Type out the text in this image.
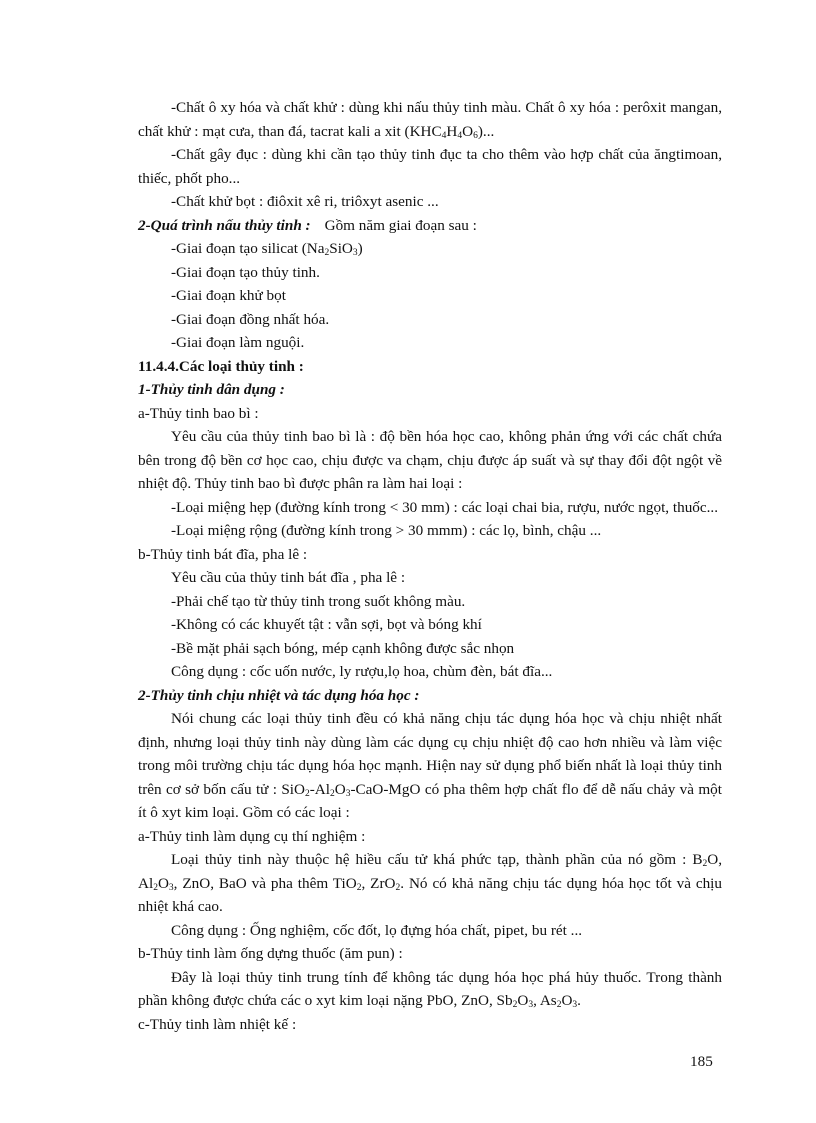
-Chất ô xy hóa và chất khử : dùng khi nấu thủy tinh màu. Chất ô xy hóa : perôxit mangan, chất khử : mạt cưa, than đá, tacrat kali a xit $(KHC_4H_4O_6)$...

-Chất gây đục : dùng khi cần tạo thủy tinh đục ta cho thêm vào hợp chất của ăngtimoan, thiếc, phốt pho...

-Chất khử bọt : điôxit xê ri, triôxyt asenic ...

2-Quá trình nấu thủy tinh : Gồm năm giai đoạn sau :

-Giai đoạn tạo silicat $(Na_2SiO_3)$

-Giai đoạn tạo thủy tinh.

-Giai đoạn khử bọt

-Giai đoạn đồng nhất hóa.

-Giai đoạn làm nguội.

11.4.4.Các loại thủy tinh :

1-Thủy tinh dân dụng :

a-Thủy tinh bao bì :

Yêu cầu của thủy tinh bao bì là : độ bền hóa học cao, không phản ứng với các chất chứa bên trong độ bền cơ học cao, chịu được va chạm, chịu được áp suất và sự thay đổi đột ngột về nhiệt độ. Thủy tinh bao bì được phân ra làm hai loại :

-Loại miệng hẹp (đường kính trong < 30 mm) : các loại chai bia, rượu, nước ngọt, thuốc...

-Loại miệng rộng (đường kính trong > 30 mmm) : các lọ, bình, chậu ...

b-Thủy tinh bát đĩa, pha lê :

Yêu cầu của thủy tinh bát đĩa , pha lê :

-Phải chế tạo từ thủy tinh trong suốt không màu.

-Không có các khuyết tật : vẫn sợi, bọt và bóng khí

-Bề mặt phải sạch bóng, mép cạnh không được sắc nhọn

Công dụng : cốc uốn nước, ly rượu,lọ hoa, chùm đèn, bát đĩa...

2-Thủy tinh chịu nhiệt và tác dụng hóa học :

Nói chung các loại thủy tinh đều có khả năng chịu tác dụng hóa học và chịu nhiệt nhất định, nhưng loại thủy tinh này dùng làm các dụng cụ chịu nhiệt độ cao hơn nhiều và làm việc trong môi trường chịu tác dụng hóa học mạnh. Hiện nay sử dụng phổ biến nhất là loại thủy tinh trên cơ sở bốn cấu tử : $SiO_2-Al_2O_3-CaO$-MgO có pha thêm hợp chất flo để dễ nấu chảy và một ít ô xyt kim loại. Gồm có các loại :

a-Thủy tinh làm dụng cụ thí nghiệm :

Loại thủy tinh này thuộc hệ hiều cấu tử khá phức tạp, thành phần của nó gồm : $B_2O$, $Al_2O_3$, ZnO, BaO và pha thêm TiO$_2$, ZrO$_2$. Nó có khả năng chịu tác dụng hóa học tốt và chịu nhiệt khá cao.

Công dụng : Ống nghiệm, cốc đốt, lọ đựng hóa chất, pipet, bu rét ...

b-Thủy tinh làm ống dựng thuốc (ăm pun) :

Đây là loại thủy tinh trung tính để không tác dụng hóa học phá hủy thuốc. Trong thành phần không được chứa các o xyt kim loại nặng PbO, ZnO, $Sb_2O_3$, $As_2O_3$.

c-Thủy tinh làm nhiệt kế :

185
